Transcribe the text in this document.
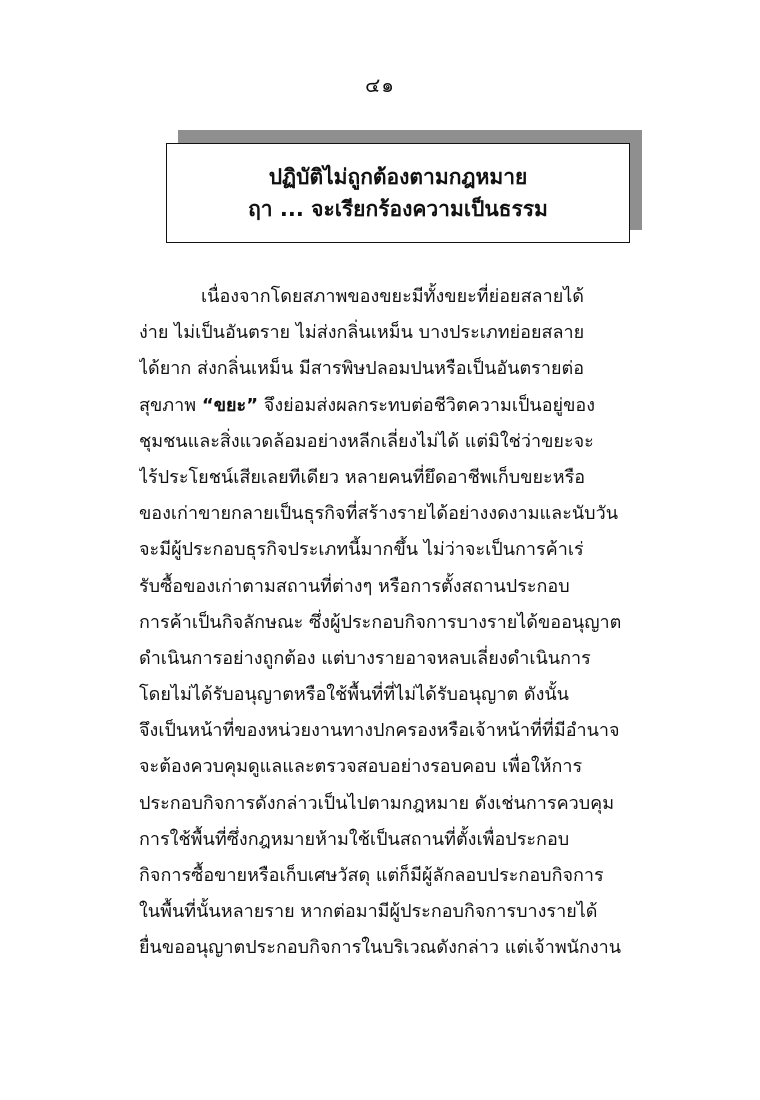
๔๑
ปฏิบัติไม่ถูกต้องตามกฎหมาย
ฤา ... จะเรียกร้องความเป็นธรรม
เนื่องจากโดยสภาพของขยะมีทั้งขยะที่ย่อยสลายได้
ง่าย ไม่เป็นอันตราย ไม่ส่งกลิ่นเหม็น บางประเภทย่อยสลาย
ได้ยาก ส่งกลิ่นเหม็น มีสารพิษปลอมปนหรือเป็นอันตรายต่อ
สุขภาพ “ขยะ” จึงย่อมส่งผลกระทบต่อชีวิตความเป็นอยู่ของ
ชุมชนและสิ่งแวดล้อมอย่างหลีกเลี่ยงไม่ได้ แต่มิใช่ว่าขยะจะ
ไร้ประโยชน์เสียเลยทีเดียว หลายคนที่ยึดอาชีพเก็บขยะหรือ
ของเก่าขายกลายเป็นธุรกิจที่สร้างรายได้อย่างงดงามและนับวัน
จะมีผู้ประกอบธุรกิจประเภทนี้มากขึ้น ไม่ว่าจะเป็นการค้าเร่
รับซื้อของเก่าตามสถานที่ต่างๆ หรือการตั้งสถานประกอบ
การค้าเป็นกิจลักษณะ ซึ่งผู้ประกอบกิจการบางรายได้ขออนุญาต
ดำเนินการอย่างถูกต้อง แต่บางรายอาจหลบเลี่ยงดำเนินการ
โดยไม่ได้รับอนุญาตหรือใช้พื้นที่ที่ไม่ได้รับอนุญาต ดังนั้น
จึงเป็นหน้าที่ของหน่วยงานทางปกครองหรือเจ้าหน้าที่ที่มีอำนาจ
จะต้องควบคุมดูแลและตรวจสอบอย่างรอบคอบ เพื่อให้การ
ประกอบกิจการดังกล่าวเป็นไปตามกฎหมาย ดังเช่นการควบคุม
การใช้พื้นที่ซึ่งกฎหมายห้ามใช้เป็นสถานที่ตั้งเพื่อประกอบ
กิจการซื้อขายหรือเก็บเศษวัสดุ แต่ก็มีผู้ลักลอบประกอบกิจการ
ในพื้นที่นั้นหลายราย หากต่อมามีผู้ประกอบกิจการบางรายได้
ยื่นขออนุญาตประกอบกิจการในบริเวณดังกล่าว แต่เจ้าพนักงาน
